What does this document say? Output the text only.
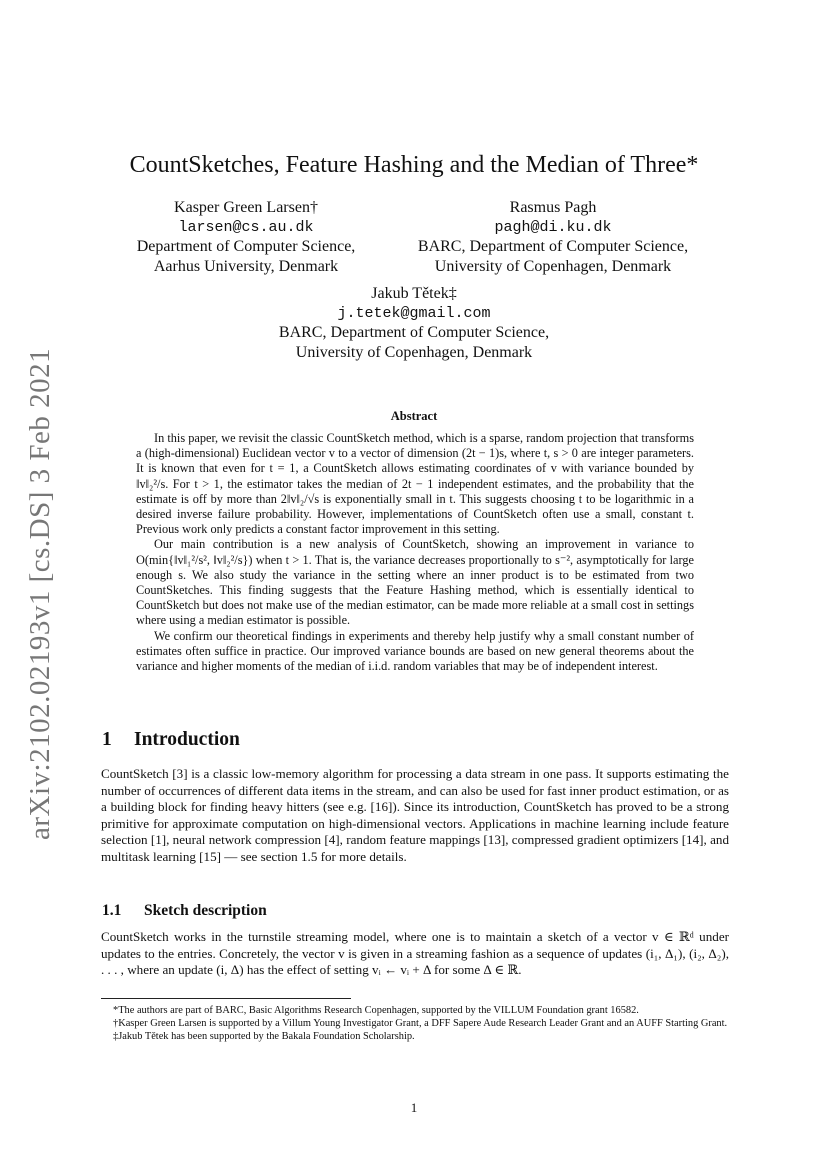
arXiv:2102.02193v1 [cs.DS] 3 Feb 2021
CountSketches, Feature Hashing and the Median of Three*
Kasper Green Larsen†
larsen@cs.au.dk
Department of Computer Science,
Aarhus University, Denmark
Rasmus Pagh
pagh@di.ku.dk
BARC, Department of Computer Science,
University of Copenhagen, Denmark
Jakub Tětek‡
j.tetek@gmail.com
BARC, Department of Computer Science,
University of Copenhagen, Denmark
Abstract

In this paper, we revisit the classic CountSketch method, which is a sparse, random projection that transforms a (high-dimensional) Euclidean vector v to a vector of dimension (2t − 1)s, where t, s > 0 are integer parameters. It is known that even for t = 1, a CountSketch allows estimating coordinates of v with variance bounded by ‖v‖₂²/s. For t > 1, the estimator takes the median of 2t − 1 independent estimates, and the probability that the estimate is off by more than 2‖v‖₂/√s is exponentially small in t. This suggests choosing t to be logarithmic in a desired inverse failure probability. However, implementations of CountSketch often use a small, constant t. Previous work only predicts a constant factor improvement in this setting.

Our main contribution is a new analysis of CountSketch, showing an improvement in variance to O(min{‖v‖₁²/s², ‖v‖₂²/s}) when t > 1. That is, the variance decreases proportionally to s⁻², asymptotically for large enough s. We also study the variance in the setting where an inner product is to be estimated from two CountSketches. This finding suggests that the Feature Hashing method, which is essentially identical to CountSketch but does not make use of the median estimator, can be made more reliable at a small cost in settings where using a median estimator is possible.

We confirm our theoretical findings in experiments and thereby help justify why a small constant number of estimates often suffice in practice. Our improved variance bounds are based on new general theorems about the variance and higher moments of the median of i.i.d. random variables that may be of independent interest.

1 Introduction
CountSketch [3] is a classic low-memory algorithm for processing a data stream in one pass. It supports estimating the number of occurrences of different data items in the stream, and can also be used for fast inner product estimation, or as a building block for finding heavy hitters (see e.g. [16]). Since its introduction, CountSketch has proved to be a strong primitive for approximate computation on high-dimensional vectors. Applications in machine learning include feature selection [1], neural network compression [4], random feature mappings [13], compressed gradient optimizers [14], and multitask learning [15] — see section 1.5 for more details.
1.1 Sketch description
CountSketch works in the turnstile streaming model, where one is to maintain a sketch of a vector v ∈ ℝᵈ under updates to the entries. Concretely, the vector v is given in a streaming fashion as a sequence of updates (i₁, Δ₁), (i₂, Δ₂), . . . , where an update (i, Δ) has the effect of setting vᵢ ← vᵢ + Δ for some Δ ∈ ℝ.

*The authors are part of BARC, Basic Algorithms Research Copenhagen, supported by the VILLUM Foundation grant 16582.

†Kasper Green Larsen is supported by a Villum Young Investigator Grant, a DFF Sapere Aude Research Leader Grant and an AUFF Starting Grant.

‡Jakub Tětek has been supported by the Bakala Foundation Scholarship.

1
